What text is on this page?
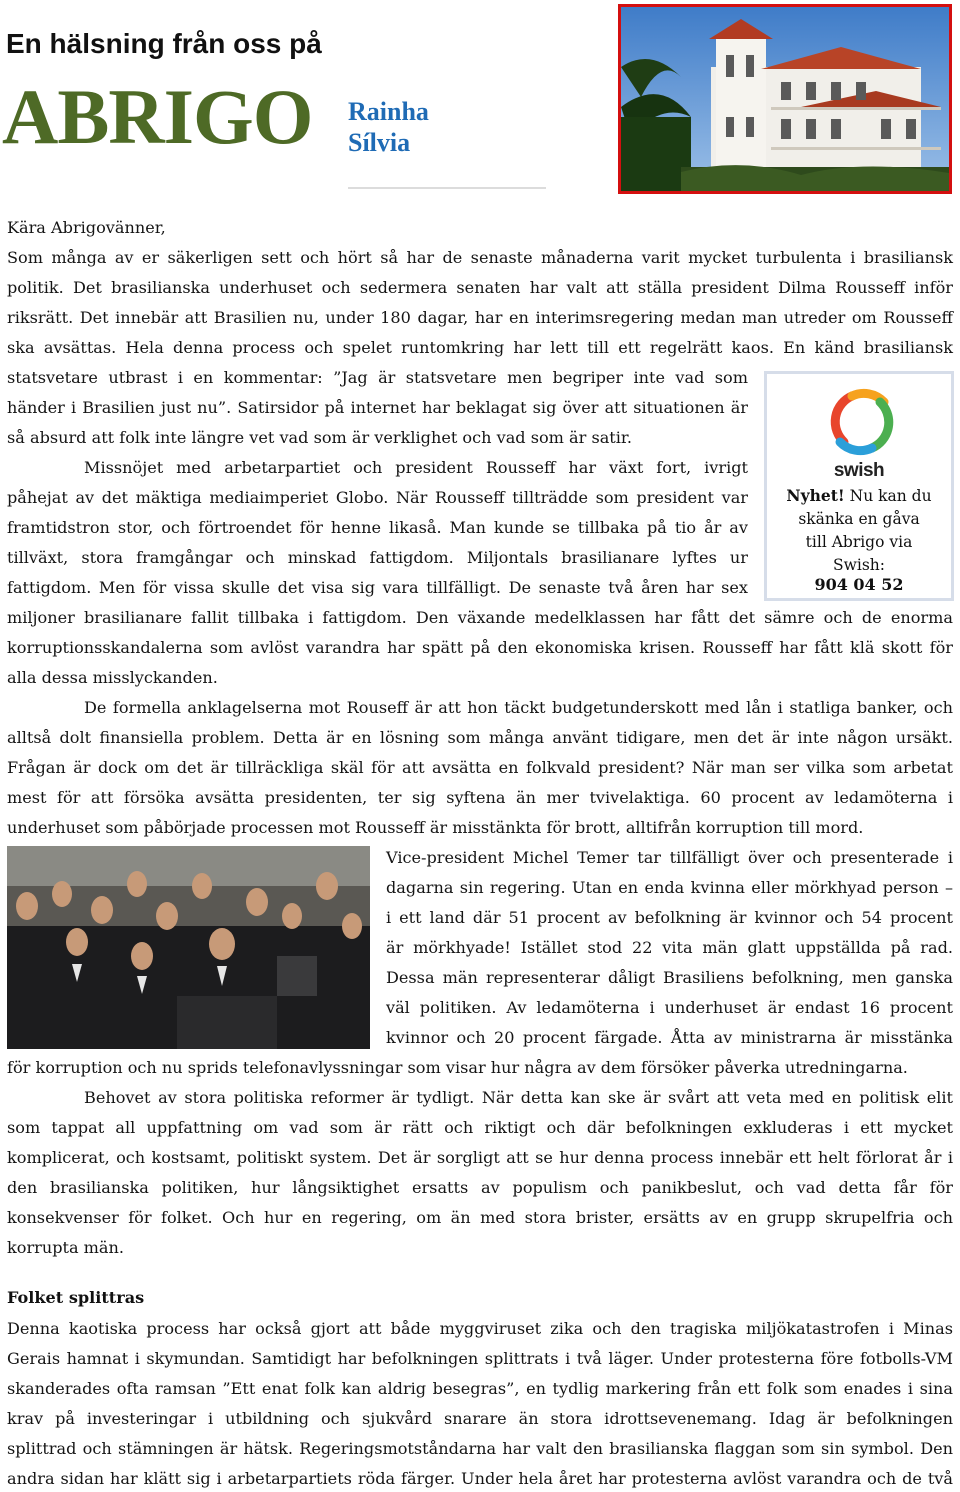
En hälsning från oss på
ABRIGO Rainha
Sílvia
Kära Abrigovänner,
Som många av er säkerligen sett och hört så har de senaste månaderna varit mycket turbulenta i brasiliansk
politik. Det brasilianska underhuset och sedermera senaten har valt att ställa president Dilma Rousseff inför
riksrätt. Det innebär att Brasilien nu, under 180 dagar, har en interimsregering medan man utreder om Rousseff
ska avsättas. Hela denna process och spelet runtomkring har lett till ett regelrätt kaos. En känd brasiliansk
statsvetare utbrast i en kommentar: ”Jag är statsvetare men begriper inte vad som
händer i Brasilien just nu”. Satirsidor på internet har beklagat sig över att situationen är
så absurd att folk inte längre vet vad som är verklighet och vad som är satir.
Missnöjet med arbetarpartiet och president Rousseff har växt fort, ivrigt
påhejat av det mäktiga mediaimperiet Globo. När Rousseff tillträdde som president var
framtidstron stor, och förtroendet för henne likaså. Man kunde se tillbaka på tio år av
tillväxt, stora framgångar och minskad fattigdom. Miljontals brasilianare lyftes ur
fattigdom. Men för vissa skulle det visa sig vara tillfälligt. De senaste två åren har sex
miljoner brasilianare fallit tillbaka i fattigdom. Den växande medelklassen har fått det sämre och de enorma
korruptionsskandalerna som avlöst varandra har spätt på den ekonomiska krisen. Rousseff har fått klä skott för
alla dessa misslyckanden.
De formella anklagelserna mot Rouseff är att hon täckt budgetunderskott med lån i statliga banker, och
alltså dolt finansiella problem. Detta är en lösning som många använt tidigare, men det är inte någon ursäkt.
Frågan är dock om det är tillräckliga skäl för att avsätta en folkvald president? När man ser vilka som arbetat
mest för att försöka avsätta presidenten, ter sig syftena än mer tvivelaktiga. 60 procent av ledamöterna i
underhuset som påbörjade processen mot Rousseff är misstänkta för brott, alltifrån korruption till mord.
Vice-president Michel Temer tar tillfälligt över och presenterade i
dagarna sin regering. Utan en enda kvinna eller mörkhyad person –
i ett land där 51 procent av befolkning är kvinnor och 54 procent
är mörkhyade! Istället stod 22 vita män glatt uppställda på rad.
Dessa män representerar dåligt Brasiliens befolkning, men ganska
väl politiken. Av ledamöterna i underhuset är endast 16 procent
kvinnor och 20 procent färgade. Åtta av ministrarna är misstänka
för korruption och nu sprids telefonavlyssningar som visar hur några av dem försöker påverka utredningarna.
Behovet av stora politiska reformer är tydligt. När detta kan ske är svårt att veta med en politisk elit
som tappat all uppfattning om vad som är rätt och riktigt och där befolkningen exkluderas i ett mycket
komplicerat, och kostsamt, politiskt system. Det är sorgligt att se hur denna process innebär ett helt förlorat år i
den brasilianska politiken, hur långsiktighet ersatts av populism och panikbeslut, och vad detta får för
konsekvenser för folket. Och hur en regering, om än med stora brister, ersätts av en grupp skrupelfria och
korrupta män.
Denna kaotiska process har också gjort att både myggviruset zika och den tragiska miljökatastrofen i Minas
Gerais hamnat i skymundan. Samtidigt har befolkningen splittrats i två läger. Under protesterna före fotbolls-VM
skanderades ofta ramsan ”Ett enat folk kan aldrig besegras”, en tydlig markering från ett folk som enades i sina
krav på investeringar i utbildning och sjukvård snarare än stora idrottsevenemang. Idag är befolkningen
splittrad och stämningen är hätsk. Regeringsmotståndarna har valt den brasilianska flaggan som sin symbol. Den
andra sidan har klätt sig i arbetarpartiets röda färger. Under hela året har protesterna avlöst varandra och de två
swish
Nyhet! Nu kan du
skänka en gåva
till Abrigo via
Swish:
904 04 52
Folket splittras
